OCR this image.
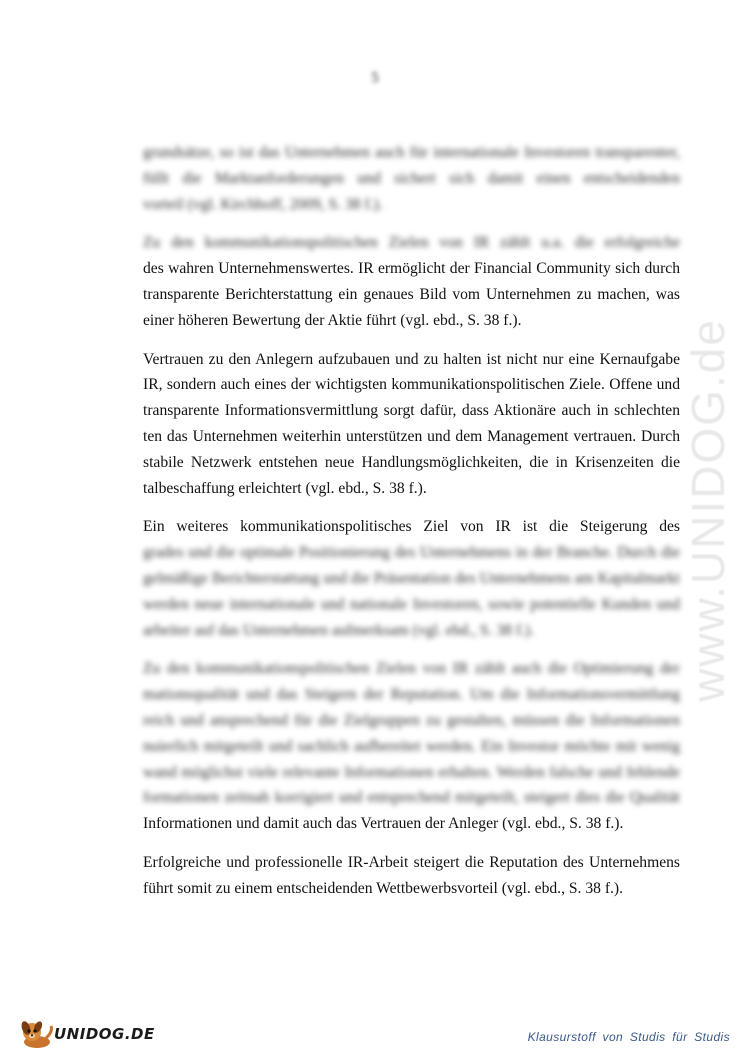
5
grundsätze, so ist das Unternehmen auch für internationale Investoren transparenter,
füllt die Marktanforderungen und sichert sich damit einen entscheidenden
vorteil (vgl. Kirchhoff, 2009, S. 38 f.).
Zu den kommunikationspolitischen Zielen von IR zählt u.a. die erfolgreiche
des wahren Unternehmenswertes. IR ermöglicht der Financial Community sich durch
transparente Berichterstattung ein genaues Bild vom Unternehmen zu machen, was
einer höheren Bewertung der Aktie führt (vgl. ebd., S. 38 f.).
Vertrauen zu den Anlegern aufzubauen und zu halten ist nicht nur eine Kernaufgabe
IR, sondern auch eines der wichtigsten kommunikationspolitischen Ziele. Offene und
transparente Informationsvermittlung sorgt dafür, dass Aktionäre auch in schlechten
ten das Unternehmen weiterhin unterstützen und dem Management vertrauen. Durch
stabile Netzwerk entstehen neue Handlungsmöglichkeiten, die in Krisenzeiten die
talbeschaffung erleichtert (vgl. ebd., S. 38 f.).
Ein weiteres kommunikationspolitisches Ziel von IR ist die Steigerung des
grades und die optimale Positionierung des Unternehmens in der Branche. Durch die
gelmäßige Berichterstattung und die Präsentation des Unternehmens am Kapitalmarkt
werden neue internationale und nationale Investoren, sowie potentielle Kunden und
arbeiter auf das Unternehmen aufmerksam (vgl. ebd., S. 38 f.).
Zu den kommunikationspolitischen Zielen von IR zählt auch die Optimierung der
mationsqualität und das Steigern der Reputation. Um die Informationsvermittlung
reich und ansprechend für die Zielgruppen zu gestalten, müssen die Informationen
nuierlich mitgeteilt und sachlich aufbereitet werden. Ein Investor möchte mit wenig
wand möglichst viele relevante Informationen erhalten. Werden falsche und fehlende
formationen zeitnah korrigiert und entsprechend mitgeteilt, steigert dies die Qualität
Informationen und damit auch das Vertrauen der Anleger (vgl. ebd., S. 38 f.).
Erfolgreiche und professionelle IR-Arbeit steigert die Reputation des Unternehmens
führt somit zu einem entscheidenden Wettbewerbsvorteil (vgl. ebd., S. 38 f.).
www.UNIDOG.de
UNIDOG.DE	Klausurstoff von Studis für Studis
